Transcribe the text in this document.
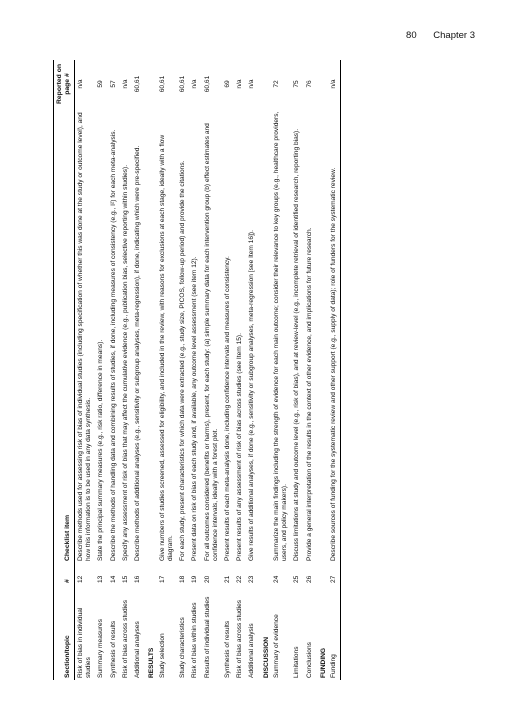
80 Chapter 3
Section/topic	#	Checklist item	Reported on page #
Risk of bias in individual studies	12	Describe methods used for assessing risk of bias of individual studies (including specification of whether this was done at the study or outcome level), and how this information is to be used in any data synthesis.	n/a
Summary measures	13	State the principal summary measures (e.g., risk ratio, difference in means).	59
Synthesis of results	14	Describe the methods of handling data and combining results of studies, if done, including measures of consistency (e.g., I²) for each meta-analysis.	57
Risk of bias across studies	15	Specify any assessment of risk of bias that may affect the cumulative evidence (e.g., publication bias, selective reporting within studies).	n/a
Additional analyses	16	Describe methods of additional analyses (e.g., sensitivity or subgroup analyses, meta-regression), if done, indicating which were pre-specified.	60,61
RESULTS			
Study selection	17	Give numbers of studies screened, assessed for eligibility, and included in the review, with reasons for exclusions at each stage, ideally with a flow diagram.	60,61
Study characteristics	18	For each study, present characteristics for which data were extracted (e.g., study size, PICOS, follow-up period) and provide the citations.	60,61
Risk of bias within studies	19	Present data on risk of bias of each study and, if available, any outcome level assessment (see item 12).	n/a
Results of individual studies	20	For all outcomes considered (benefits or harms), present, for each study: (a) simple summary data for each intervention group (b) effect estimates and confidence intervals, ideally with a forest plot.	60,61
Synthesis of results	21	Present results of each meta-analysis done, including confidence intervals and measures of consistency.	69
Risk of bias across studies	22	Present results of any assessment of risk of bias across studies (see Item 15).	n/a
Additional analysis	23	Give results of additional analyses, if done (e.g., sensitivity or subgroup analyses, meta-regression [see Item 16]).	n/a
DISCUSSION			
Summary of evidence	24	Summarize the main findings including the strength of evidence for each main outcome; consider their relevance to key groups (e.g., healthcare providers, users, and policy makers).	72
Limitations	25	Discuss limitations at study and outcome level (e.g., risk of bias), and at review-level (e.g., incomplete retrieval of identified research, reporting bias).	75
Conclusions	26	Provide a general interpretation of the results in the context of other evidence, and implications for future research.	76
FUNDING			
Funding	27	Describe sources of funding for the systematic review and other support (e.g., supply of data); role of funders for the systematic review.	n/a
